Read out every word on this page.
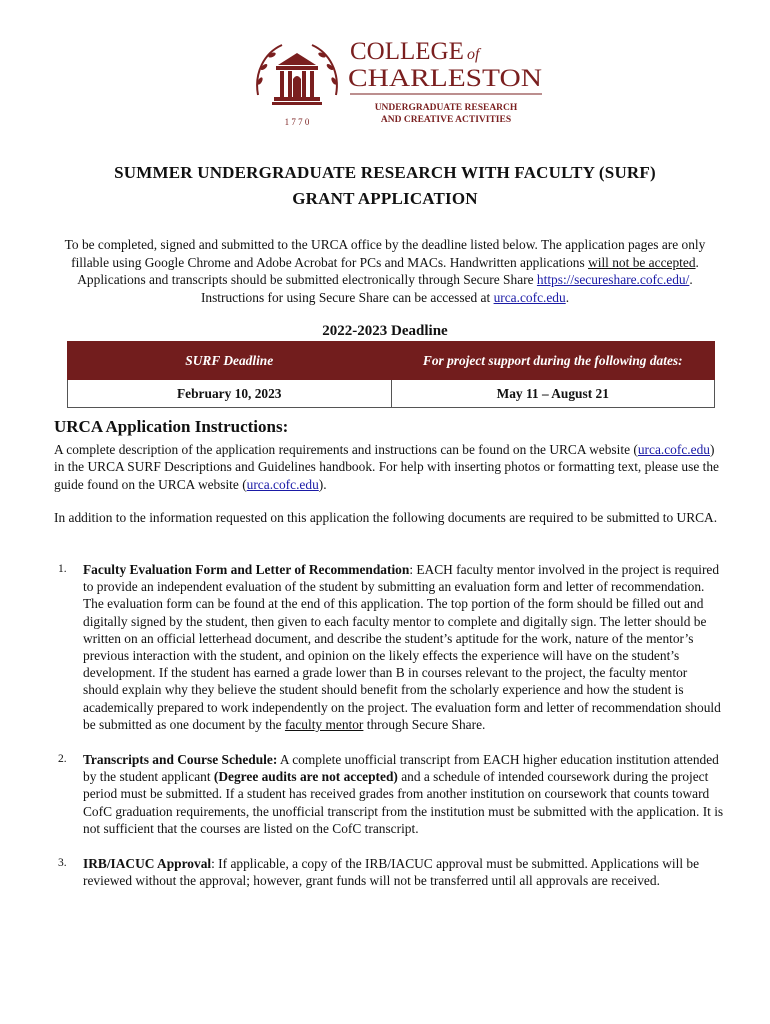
1 7 7 0
COLLEGE of
CHARLESTON
UNDERGRADUATE RESEARCH
AND CREATIVE ACTIVITIES
SUMMER UNDERGRADUATE RESEARCH WITH FACULTY (SURF)
GRANT APPLICATION
To be completed, signed and submitted to the URCA office by the deadline listed below. The application pages are only fillable using Google Chrome and Adobe Acrobat for PCs and MACs. Handwritten applications will not be accepted. Applications and transcripts should be submitted electronically through Secure Share https://secureshare.cofc.edu/. Instructions for using Secure Share can be accessed at urca.cofc.edu.
2022-2023 Deadline
SURF Deadline	For project support during the following dates:
February 10, 2023	May 11 – August 21
URCA Application Instructions:
A complete description of the application requirements and instructions can be found on the URCA website (urca.cofc.edu) in the URCA SURF Descriptions and Guidelines handbook. For help with inserting photos or formatting text, please use the guide found on the URCA website (urca.cofc.edu).
In addition to the information requested on this application the following documents are required to be submitted to URCA.
1. Faculty Evaluation Form and Letter of Recommendation: EACH faculty mentor involved in the project is required to provide an independent evaluation of the student by submitting an evaluation form and letter of recommendation. The evaluation form can be found at the end of this application. The top portion of the form should be filled out and digitally signed by the student, then given to each faculty mentor to complete and digitally sign. The letter should be written on an official letterhead document, and describe the student’s aptitude for the work, nature of the mentor’s previous interaction with the student, and opinion on the likely effects the experience will have on the student’s development. If the student has earned a grade lower than B in courses relevant to the project, the faculty mentor should explain why they believe the student should benefit from the scholarly experience and how the student is academically prepared to work independently on the project. The evaluation form and letter of recommendation should be submitted as one document by the faculty mentor through Secure Share.
2. Transcripts and Course Schedule: A complete unofficial transcript from EACH higher education institution attended by the student applicant (Degree audits are not accepted) and a schedule of intended coursework during the project period must be submitted. If a student has received grades from another institution on coursework that counts toward CofC graduation requirements, the unofficial transcript from the institution must be submitted with the application. It is not sufficient that the courses are listed on the CofC transcript.
3. IRB/IACUC Approval: If applicable, a copy of the IRB/IACUC approval must be submitted. Applications will be reviewed without the approval; however, grant funds will not be transferred until all approvals are received.
